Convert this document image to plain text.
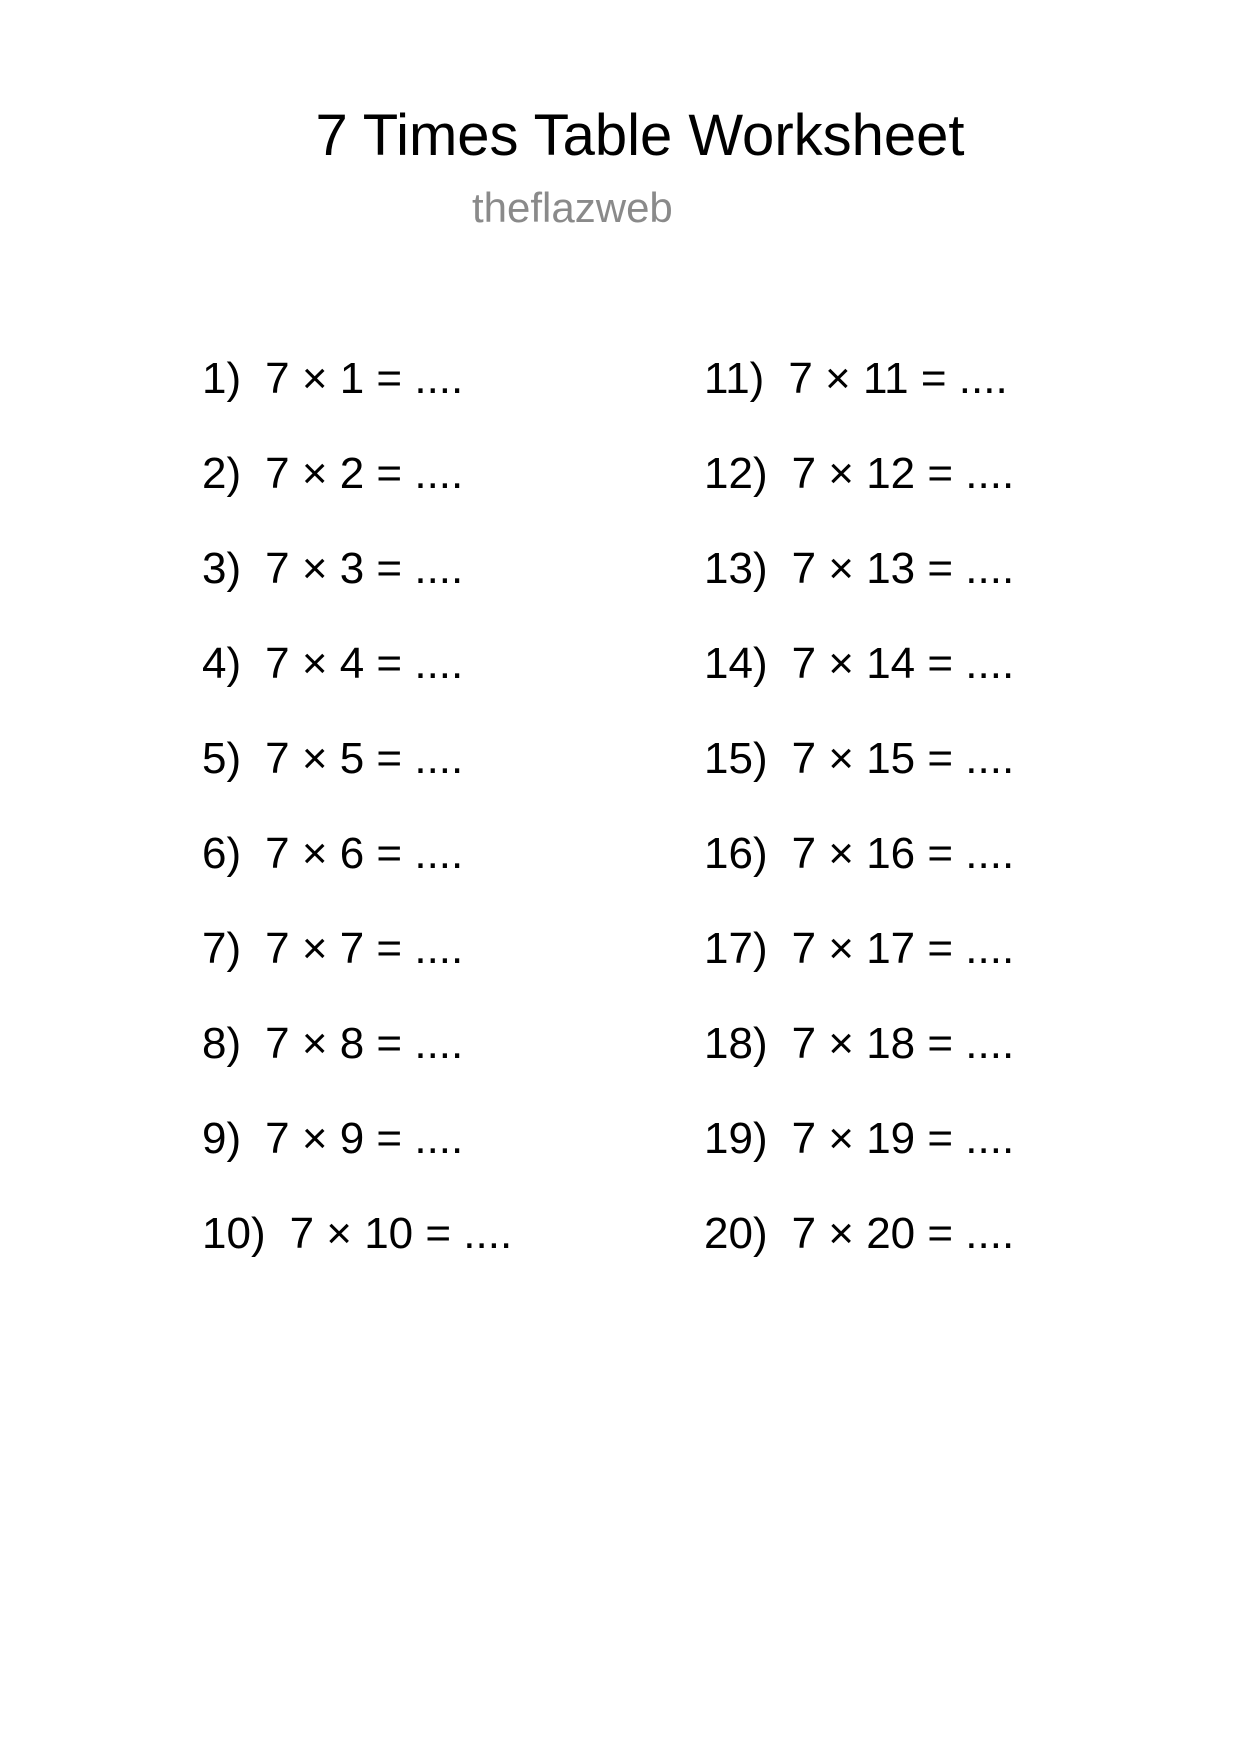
7 Times Table Worksheet
theflazweb
1) 7 × 1 = ....
2) 7 × 2 = ....
3) 7 × 3 = ....
4) 7 × 4 = ....
5) 7 × 5 = ....
6) 7 × 6 = ....
7) 7 × 7 = ....
8) 7 × 8 = ....
9) 7 × 9 = ....
10) 7 × 10 = ....
11) 7 × 11 = ....
12) 7 × 12 = ....
13) 7 × 13 = ....
14) 7 × 14 = ....
15) 7 × 15 = ....
16) 7 × 16 = ....
17) 7 × 17 = ....
18) 7 × 18 = ....
19) 7 × 19 = ....
20) 7 × 20 = ....
